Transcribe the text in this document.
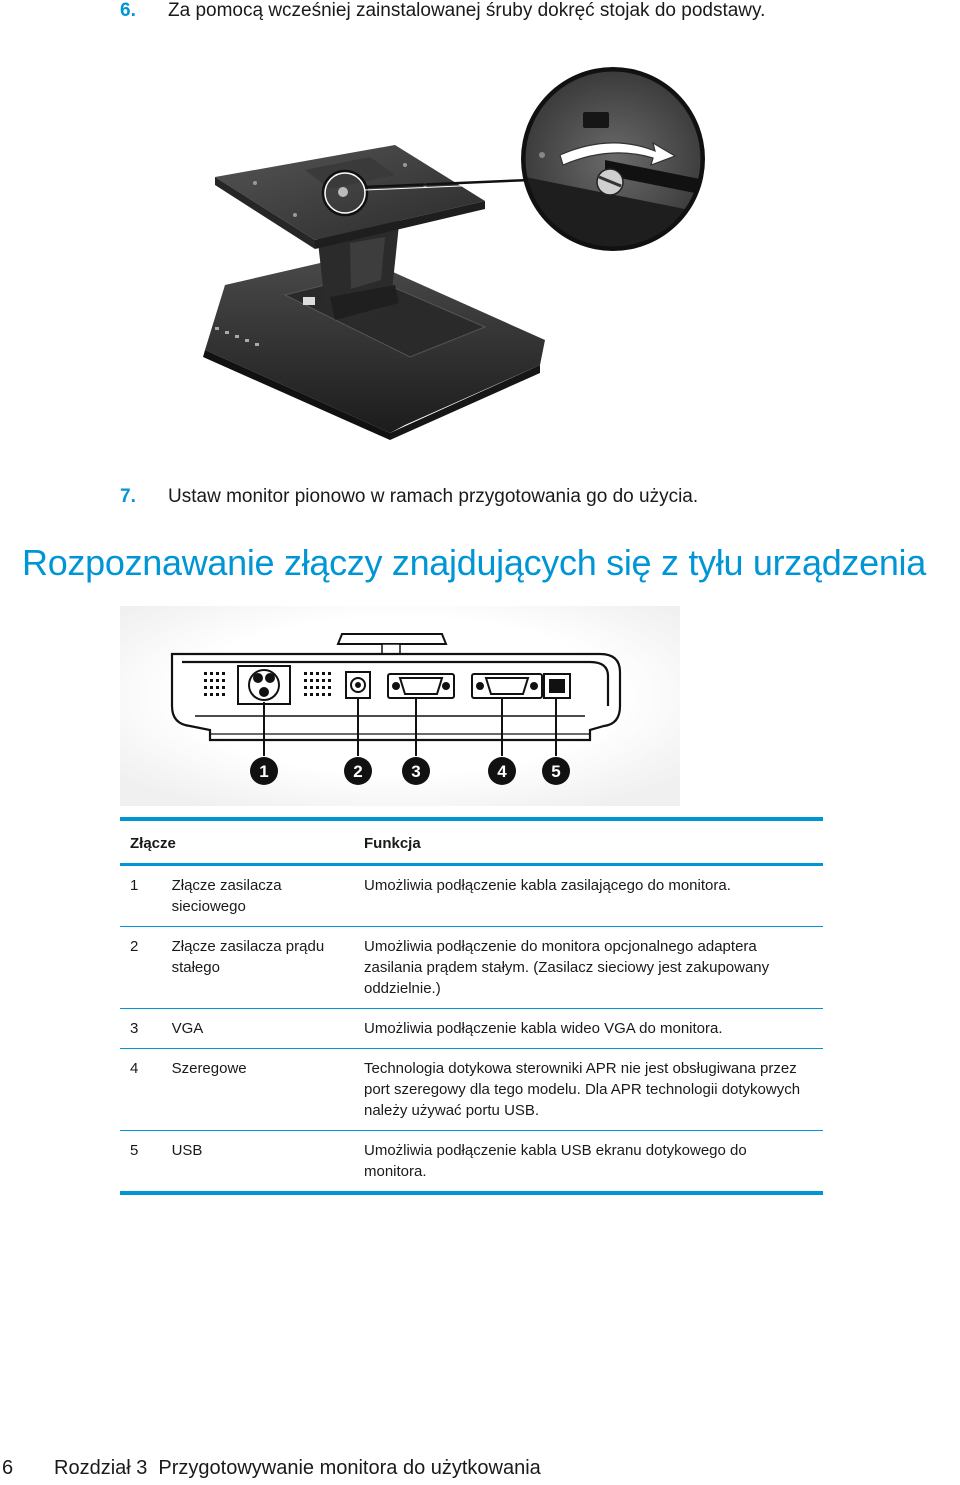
6.	Za pomocą wcześniej zainstalowanej śruby dokręć stojak do podstawy.
7.	Ustaw monitor pionowo w ramach przygotowania go do użycia.
Rozpoznawanie złączy znajdujących się z tyłu urządzenia
1	2	3	4	5
Złącze		Funkcja
1	Złącze zasilacza sieciowego	Umożliwia podłączenie kabla zasilającego do monitora.
2	Złącze zasilacza prądu stałego	Umożliwia podłączenie do monitora opcjonalnego adaptera zasilania prądem stałym. (Zasilacz sieciowy jest zakupowany oddzielnie.)
3	VGA	Umożliwia podłączenie kabla wideo VGA do monitora.
4	Szeregowe	Technologia dotykowa sterowniki APR nie jest obsługiwana przez port szeregowy dla tego modelu. Dla APR technologii dotykowych należy używać portu USB.
5	USB	Umożliwia podłączenie kabla USB ekranu dotykowego do monitora.
6 Rozdział 3 Przygotowywanie monitora do użytkowania
